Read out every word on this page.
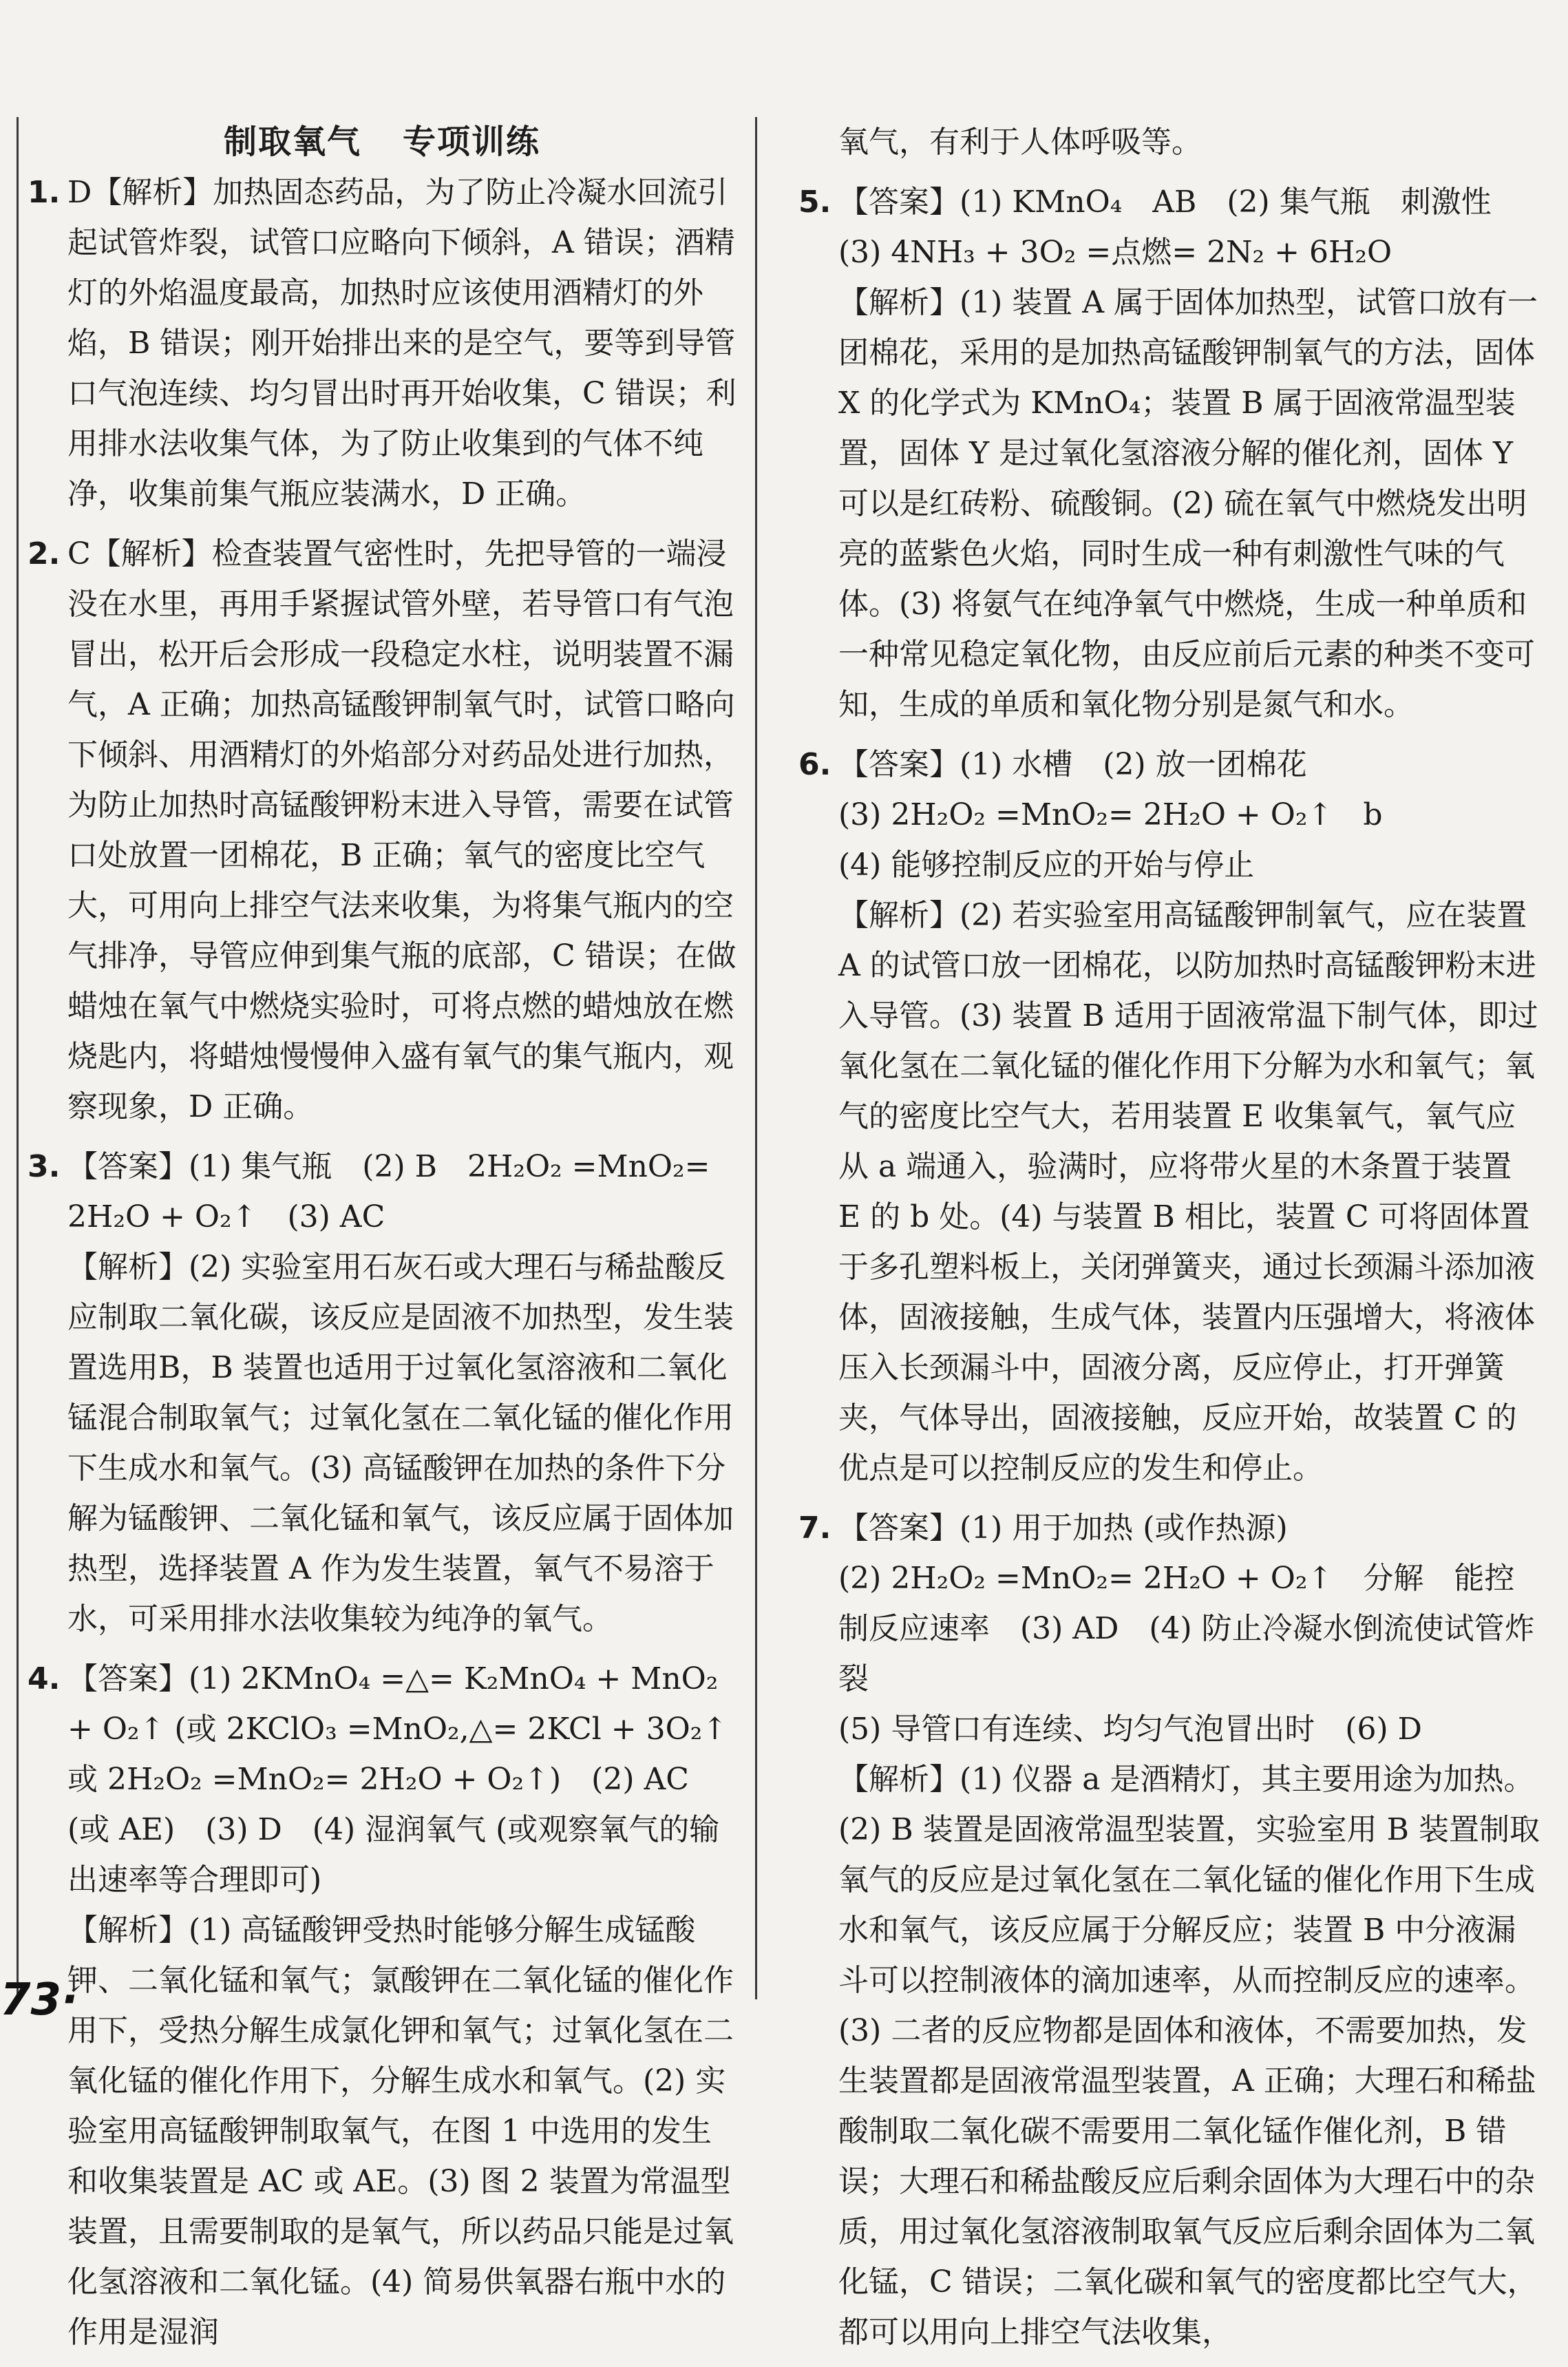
制取氧气 专项训练
1. D【解析】加热固态药品，为了防止冷凝水回流引起试管炸裂，试管口应略向下倾斜，A 错误；酒精灯的外焰温度最高，加热时应该使用酒精灯的外焰，B 错误；刚开始排出来的是空气，要等到导管口气泡连续、均匀冒出时再开始收集，C 错误；利用排水法收集气体，为了防止收集到的气体不纯净，收集前集气瓶应装满水，D 正确。

2. C【解析】检查装置气密性时，先把导管的一端浸没在水里，再用手紧握试管外壁，若导管口有气泡冒出，松开后会形成一段稳定水柱，说明装置不漏气，A 正确；加热高锰酸钾制氧气时，试管口略向下倾斜、用酒精灯的外焰部分对药品处进行加热，为防止加热时高锰酸钾粉末进入导管，需要在试管口处放置一团棉花，B 正确；氧气的密度比空气大，可用向上排空气法来收集，为将集气瓶内的空气排净，导管应伸到集气瓶的底部，C 错误；在做蜡烛在氧气中燃烧实验时，可将点燃的蜡烛放在燃烧匙内，将蜡烛慢慢伸入盛有氧气的集气瓶内，观察现象，D 正确。

3. 【答案】(1) 集气瓶　(2) B　2H₂O₂ =MnO₂= 2H₂O + O₂↑　(3) AC

【解析】(2) 实验室用石灰石或大理石与稀盐酸反应制取二氧化碳，该反应是固液不加热型，发生装置选用B，B 装置也适用于过氧化氢溶液和二氧化锰混合制取氧气；过氧化氢在二氧化锰的催化作用下生成水和氧气。(3) 高锰酸钾在加热的条件下分解为锰酸钾、二氧化锰和氧气，该反应属于固体加热型，选择装置 A 作为发生装置，氧气不易溶于水，可采用排水法收集较为纯净的氧气。

4. 【答案】(1) 2KMnO₄ =△= K₂MnO₄ + MnO₂ + O₂↑ (或 2KClO₃ =MnO₂,△= 2KCl + 3O₂↑ 或 2H₂O₂ =MnO₂= 2H₂O + O₂↑)　(2) AC (或 AE)　(3) D　(4) 湿润氧气 (或观察氧气的输出速率等合理即可)

【解析】(1) 高锰酸钾受热时能够分解生成锰酸钾、二氧化锰和氧气；氯酸钾在二氧化锰的催化作用下，受热分解生成氯化钾和氧气；过氧化氢在二氧化锰的催化作用下，分解生成水和氧气。(2) 实验室用高锰酸钾制取氧气，在图 1 中选用的发生和收集装置是 AC 或 AE。(3) 图 2 装置为常温型装置，且需要制取的是氧气，所以药品只能是过氧化氢溶液和二氧化锰。(4) 简易供氧器右瓶中水的作用是湿润

氧气，有利于人体呼吸等。

5. 【答案】(1) KMnO₄　AB　(2) 集气瓶　刺激性

(3) 4NH₃ + 3O₂ =点燃= 2N₂ + 6H₂O

【解析】(1) 装置 A 属于固体加热型，试管口放有一团棉花，采用的是加热高锰酸钾制氧气的方法，固体 X 的化学式为 KMnO₄；装置 B 属于固液常温型装置，固体 Y 是过氧化氢溶液分解的催化剂，固体 Y 可以是红砖粉、硫酸铜。(2) 硫在氧气中燃烧发出明亮的蓝紫色火焰，同时生成一种有刺激性气味的气体。(3) 将氨气在纯净氧气中燃烧，生成一种单质和一种常见稳定氧化物，由反应前后元素的种类不变可知，生成的单质和氧化物分别是氮气和水。

6. 【答案】(1) 水槽　(2) 放一团棉花

(3) 2H₂O₂ =MnO₂= 2H₂O + O₂↑　b

(4) 能够控制反应的开始与停止

【解析】(2) 若实验室用高锰酸钾制氧气，应在装置 A 的试管口放一团棉花，以防加热时高锰酸钾粉末进入导管。(3) 装置 B 适用于固液常温下制气体，即过氧化氢在二氧化锰的催化作用下分解为水和氧气；氧气的密度比空气大，若用装置 E 收集氧气，氧气应从 a 端通入，验满时，应将带火星的木条置于装置 E 的 b 处。(4) 与装置 B 相比，装置 C 可将固体置于多孔塑料板上，关闭弹簧夹，通过长颈漏斗添加液体，固液接触，生成气体，装置内压强增大，将液体压入长颈漏斗中，固液分离，反应停止，打开弹簧夹，气体导出，固液接触，反应开始，故装置 C 的优点是可以控制反应的发生和停止。

7. 【答案】(1) 用于加热 (或作热源)

(2) 2H₂O₂ =MnO₂= 2H₂O + O₂↑　分解　能控制反应速率　(3) AD　(4) 防止冷凝水倒流使试管炸裂

(5) 导管口有连续、均匀气泡冒出时　(6) D

【解析】(1) 仪器 a 是酒精灯，其主要用途为加热。(2) B 装置是固液常温型装置，实验室用 B 装置制取氧气的反应是过氧化氢在二氧化锰的催化作用下生成水和氧气，该反应属于分解反应；装置 B 中分液漏斗可以控制液体的滴加速率，从而控制反应的速率。(3) 二者的反应物都是固体和液体，不需要加热，发生装置都是固液常温型装置，A 正确；大理石和稀盐酸制取二氧化碳不需要用二氧化锰作催化剂，B 错误；大理石和稀盐酸反应后剩余固体为大理石中的杂质，用过氧化氢溶液制取氧气反应后剩余固体为二氧化锰，C 错误；二氧化碳和氧气的密度都比空气大，都可以用向上排空气法收集，

73·
